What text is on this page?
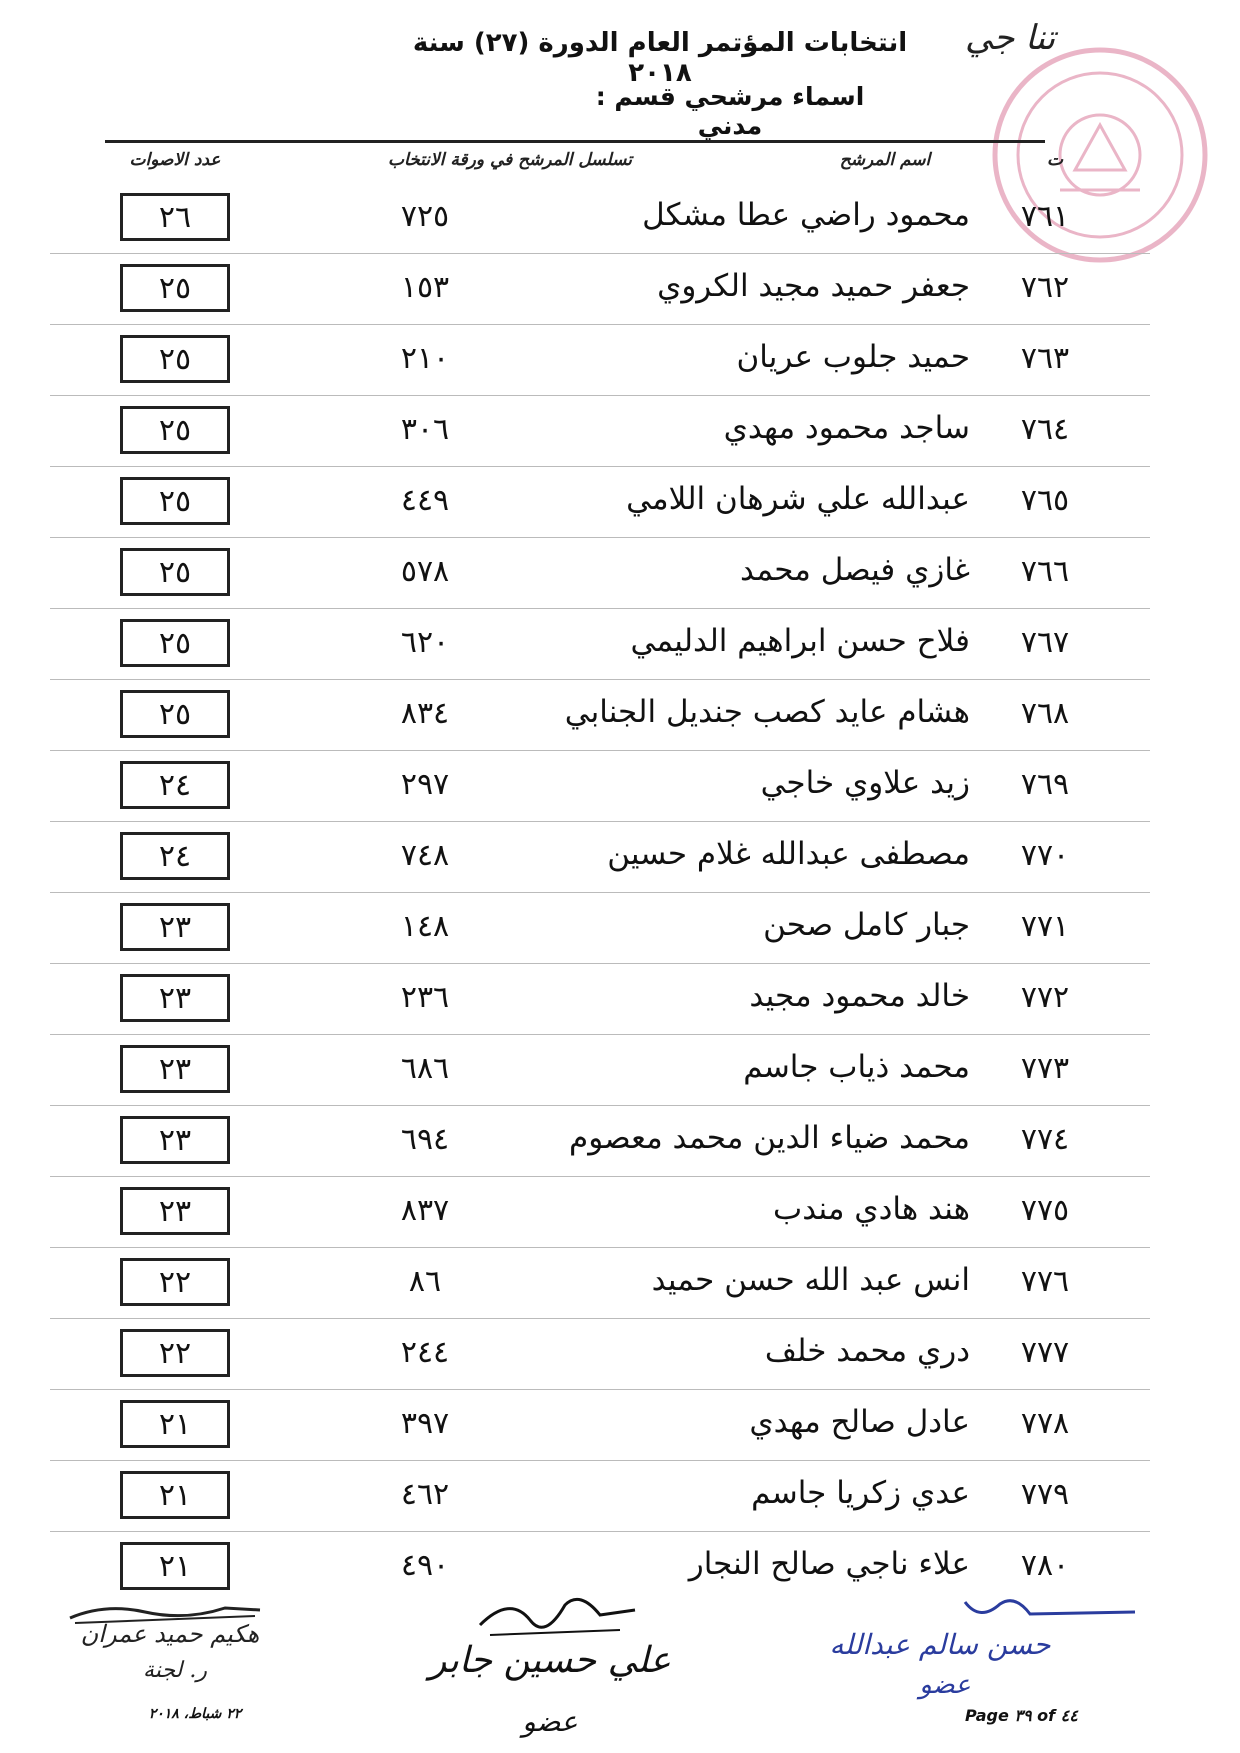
تنا جي
انتخابات المؤتمر العام الدورة (٢٧) سنة ٢٠١٨
اسماء مرشحي قسم : مدني
عدد الاصوات	تسلسل المرشح في ورقة الانتخاب	اسم المرشح	ت
٢٦	٧٢٥	محمود راضي عطا مشكل	٧٦١
٢٥	١٥٣	جعفر حميد مجيد الكروي	٧٦٢
٢٥	٢١٠	حميد جلوب عريان	٧٦٣
٢٥	٣٠٦	ساجد محمود مهدي	٧٦٤
٢٥	٤٤٩	عبدالله علي شرهان اللامي	٧٦٥
٢٥	٥٧٨	غازي فيصل محمد	٧٦٦
٢٥	٦٢٠	فلاح حسن ابراهيم الدليمي	٧٦٧
٢٥	٨٣٤	هشام عايد كصب جنديل الجنابي	٧٦٨
٢٤	٢٩٧	زيد علاوي خاجي	٧٦٩
٢٤	٧٤٨	مصطفى عبدالله غلام حسين	٧٧٠
٢٣	١٤٨	جبار كامل صحن	٧٧١
٢٣	٢٣٦	خالد محمود مجيد	٧٧٢
٢٣	٦٨٦	محمد ذياب جاسم	٧٧٣
٢٣	٦٩٤	محمد ضياء الدين محمد معصوم	٧٧٤
٢٣	٨٣٧	هند هادي مندب	٧٧٥
٢٢	٨٦	انس عبد الله حسن حميد	٧٧٦
٢٢	٢٤٤	دري محمد خلف	٧٧٧
٢١	٣٩٧	عادل صالح مهدي	٧٧٨
٢١	٤٦٢	عدي زكريا جاسم	٧٧٩
٢١	٤٩٠	علاء ناجي صالح النجار	٧٨٠
هكيم حميد عمران
ر. لجنة
٢٢ شباط، ٢٠١٨
علي حسين جابر
عضو
حسن سالم عبدالله
عضو
Page ٣٩ of ٤٤
